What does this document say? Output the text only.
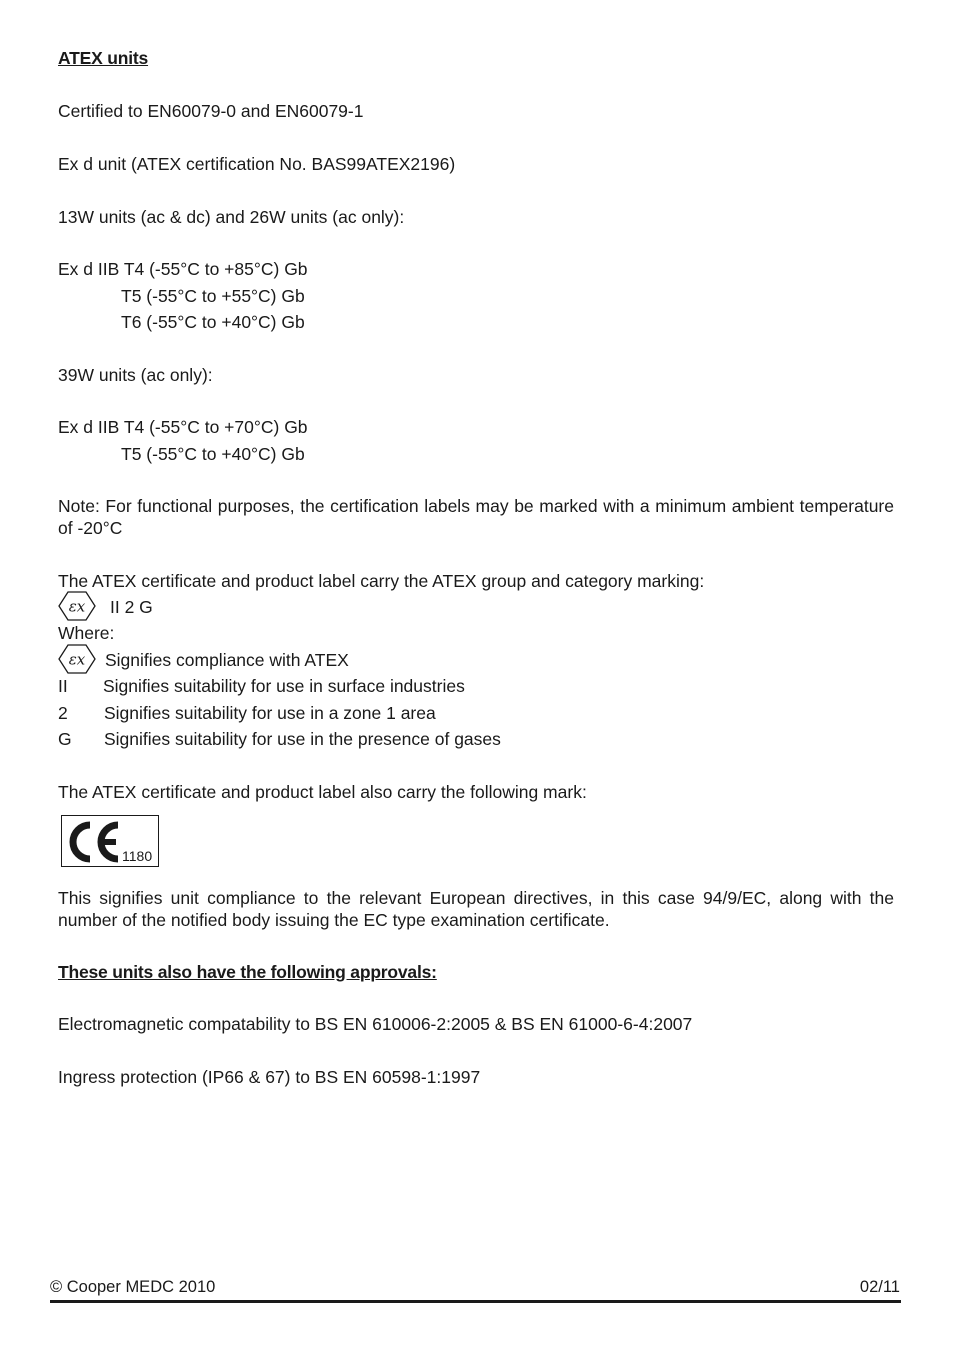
ATEX units
Certified to EN60079-0 and EN60079-1
Ex d unit (ATEX certification No. BAS99ATEX2196)
13W units (ac & dc) and 26W units (ac only):
Ex d IIB T4 (-55°C to +85°C) Gb
T5 (-55°C to +55°C) Gb
T6 (-55°C to +40°C) Gb
39W units (ac only):
Ex d IIB T4 (-55°C to +70°C) Gb
T5 (-55°C to +40°C) Gb
Note: For functional purposes, the certification labels may be marked with a minimum ambient temperature of -20°C
The ATEX certificate and product label carry the ATEX group and category marking:
εx II 2 G
Where:
εx Signifies compliance with ATEX
II Signifies suitability for use in surface industries
2 Signifies suitability for use in a zone 1 area
G Signifies suitability for use in the presence of gases
The ATEX certificate and product label also carry the following mark:
1180
This signifies unit compliance to the relevant European directives, in this case 94/9/EC, along with the number of the notified body issuing the EC type examination certificate.
These units also have the following approvals:
Electromagnetic compatability to BS EN 610006-2:2005 & BS EN 61000-6-4:2007
Ingress protection (IP66 & 67) to BS EN 60598-1:1997
© Cooper MEDC 2010	02/11
